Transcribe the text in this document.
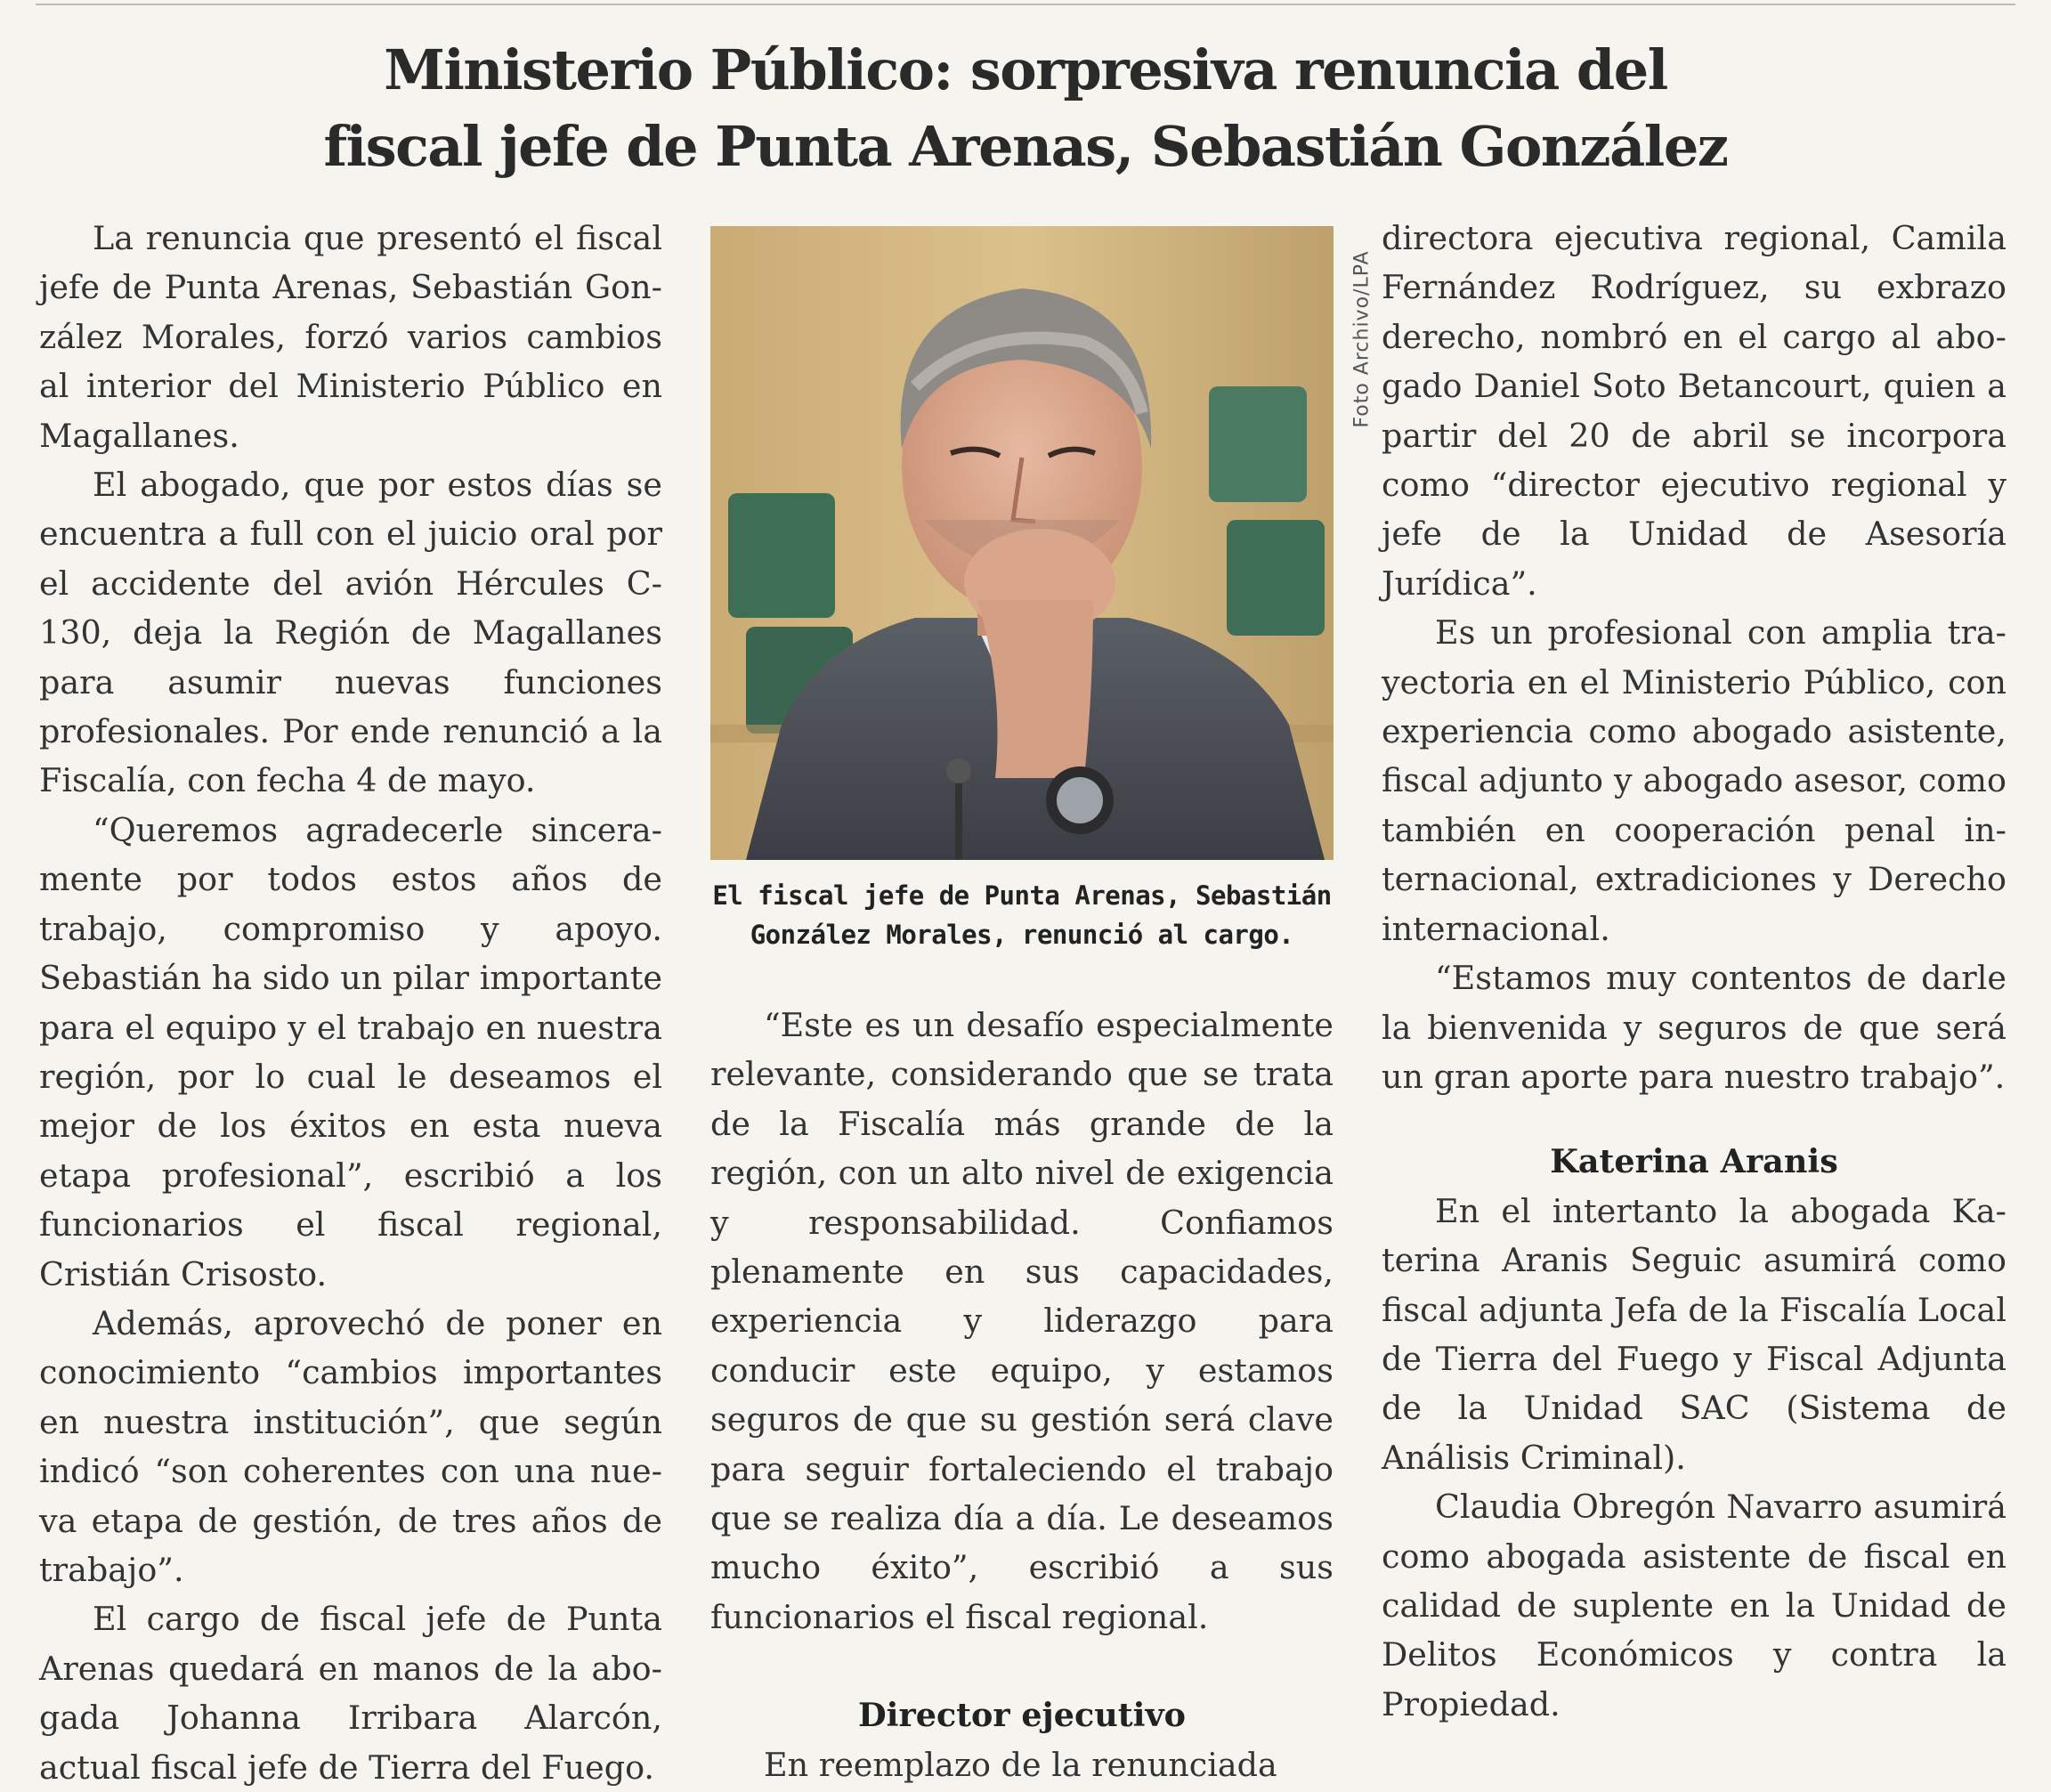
Ministerio Público: sorpresiva renuncia del
fiscal jefe de Punta Arenas, Sebastián González

La renuncia que presentó el fiscal jefe de Punta Arenas, Sebastián González Morales, forzó varios cambios al interior del Ministerio Público en Magallanes.

El abogado, que por estos días se encuentra a full con el juicio oral por el accidente del avión Hércules C-130, deja la Región de Magallanes para asumir nuevas funciones profesionales. Por ende renunció a la Fiscalía, con fecha 4 de mayo.

“Queremos agradecerle sinceramente por todos estos años de trabajo, compromiso y apoyo. Sebastián ha sido un pilar importante para el equipo y el trabajo en nuestra región, por lo cual le deseamos el mejor de los éxitos en esta nueva etapa profesional”, escribió a los funcionarios el fiscal regional, Cristián Crisosto.

Además, aprovechó de poner en conocimiento “cambios importantes en nuestra institución”, que según indicó “son coherentes con una nueva etapa de gestión, de tres años de trabajo”.

El cargo de fiscal jefe de Punta Arenas quedará en manos de la abogada Johanna Irribara Alarcón, actual fiscal jefe de Tierra del Fuego.

Foto Archivo/LPA
El fiscal jefe de Punta Arenas, Sebastián González Morales, renunció al cargo.

“Este es un desafío especialmente relevante, considerando que se trata de la Fiscalía más grande de la región, con un alto nivel de exigencia y responsabilidad. Confiamos plenamente en sus capacidades, experiencia y liderazgo para conducir este equipo, y estamos seguros de que su gestión será clave para seguir fortaleciendo el trabajo que se realiza día a día. Le deseamos mucho éxito”, escribió a sus funcionarios el fiscal regional.

Director ejecutivo

En reemplazo de la renunciada

directora ejecutiva regional, Camila Fernández Rodríguez, su exbrazo derecho, nombró en el cargo al abogado Daniel Soto Betancourt, quien a partir del 20 de abril se incorpora como “director ejecutivo regional y jefe de la Unidad de Asesoría Jurídica”.

Es un profesional con amplia trayectoria en el Ministerio Público, con experiencia como abogado asistente, fiscal adjunto y abogado asesor, como también en cooperación penal internacional, extradiciones y Derecho internacional.

“Estamos muy contentos de darle la bienvenida y seguros de que será un gran aporte para nuestro trabajo”.

Katerina Aranis

En el intertanto la abogada Katerina Aranis Seguic asumirá como fiscal adjunta Jefa de la Fiscalía Local de Tierra del Fuego y Fiscal Adjunta de la Unidad SAC (Sistema de Análisis Criminal).

Claudia Obregón Navarro asumirá como abogada asistente de fiscal en calidad de suplente en la Unidad de Delitos Económicos y contra la Propiedad.
